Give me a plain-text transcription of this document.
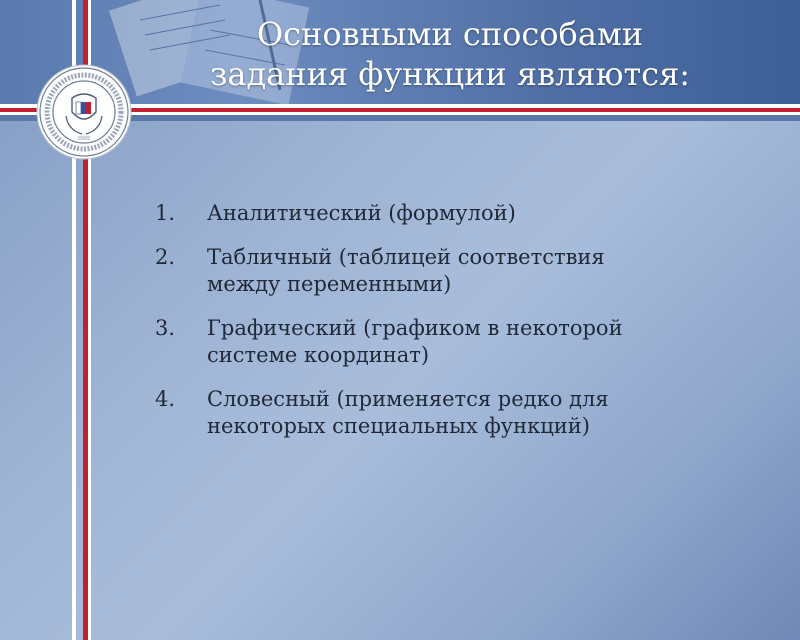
Основными способами
задания функции являются:
1.	Аналитический (формулой)
2.	Табличный (таблицей соответствия
между переменными)
3.	Графический (графиком в некоторой
системе координат)
4.	Словесный (применяется редко для
некоторых специальных функций)
